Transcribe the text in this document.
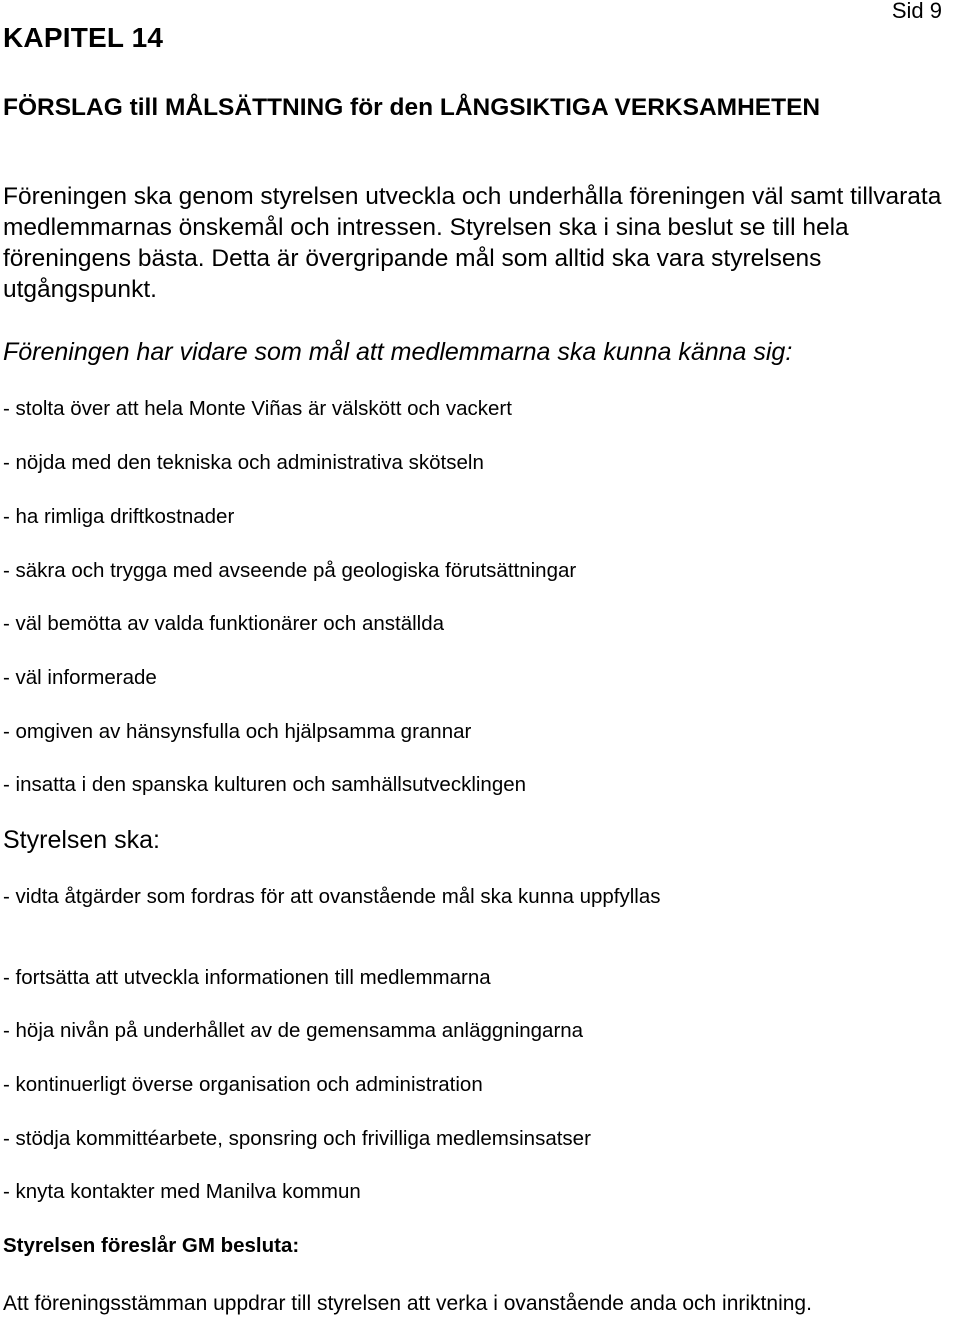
Sid 9
KAPITEL 14
FÖRSLAG till MÅLSÄTTNING för den LÅNGSIKTIGA VERKSAMHETEN

Föreningen ska genom styrelsen utveckla och underhålla föreningen väl samt tillvarata medlemmarnas önskemål och intressen. Styrelsen ska i sina beslut se till hela föreningens bästa. Detta är övergripande mål som alltid ska vara styrelsens utgångspunkt.

Föreningen har vidare som mål att medlemmarna ska kunna känna sig:
- stolta över att hela Monte Viñas är välskött och vackert
- nöjda med den tekniska och administrativa skötseln
- ha rimliga driftkostnader
- säkra och trygga med avseende på geologiska förutsättningar
- väl bemötta av valda funktionärer och anställda
- väl informerade
- omgiven av hänsynsfulla och hjälpsamma grannar
- insatta i den spanska kulturen och samhällsutvecklingen
Styrelsen ska:
- vidta åtgärder som fordras för att ovanstående mål ska kunna uppfyllas
- fortsätta att utveckla informationen till medlemmarna
- höja nivån på underhållet av de gemensamma anläggningarna
- kontinuerligt överse organisation och administration
- stödja kommittéarbete, sponsring och frivilliga medlemsinsatser
- knyta kontakter med Manilva kommun
Styrelsen föreslår GM besluta:
Att föreningsstämman uppdrar till styrelsen att verka i ovanstående anda och inriktning.
